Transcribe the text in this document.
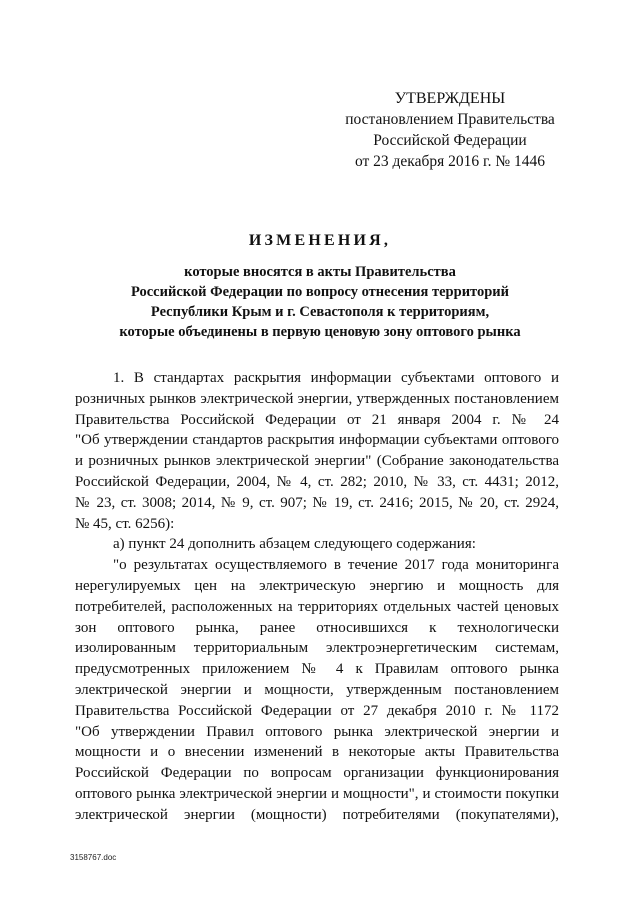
УТВЕРЖДЕНЫ
постановлением Правительства
Российской Федерации
от 23 декабря 2016 г. № 1446
ИЗМЕНЕНИЯ,
которые вносятся в акты Правительства
Российской Федерации по вопросу отнесения территорий
Республики Крым и г. Севастополя к территориям,
которые объединены в первую ценовую зону оптового рынка
1. В стандартах раскрытия информации субъектами оптового и
розничных рынков электрической энергии, утвержденных постановлением
Правительства Российской Федерации от 21 января 2004 г. № 24
"Об утверждении стандартов раскрытия информации субъектами оптового
и розничных рынков электрической энергии" (Собрание законодательства
Российской Федерации, 2004, № 4, ст. 282; 2010, № 33, ст. 4431; 2012,
№ 23, ст. 3008; 2014, № 9, ст. 907; № 19, ст. 2416; 2015, № 20, ст. 2924,
№ 45, ст. 6256):
а) пункт 24 дополнить абзацем следующего содержания:
"о результатах осуществляемого в течение 2017 года мониторинга
нерегулируемых цен на электрическую энергию и мощность для
потребителей, расположенных на территориях отдельных частей ценовых
зон оптового рынка, ранее относившихся к технологически
изолированным территориальным электроэнергетическим системам,
предусмотренных приложением № 4 к Правилам оптового рынка
электрической энергии и мощности, утвержденным постановлением
Правительства Российской Федерации от 27 декабря 2010 г. № 1172
"Об утверждении Правил оптового рынка электрической энергии и
мощности и о внесении изменений в некоторые акты Правительства
Российской Федерации по вопросам организации функционирования
оптового рынка электрической энергии и мощности", и стоимости покупки
электрической энергии (мощности) потребителями (покупателями),
3158767.doc
